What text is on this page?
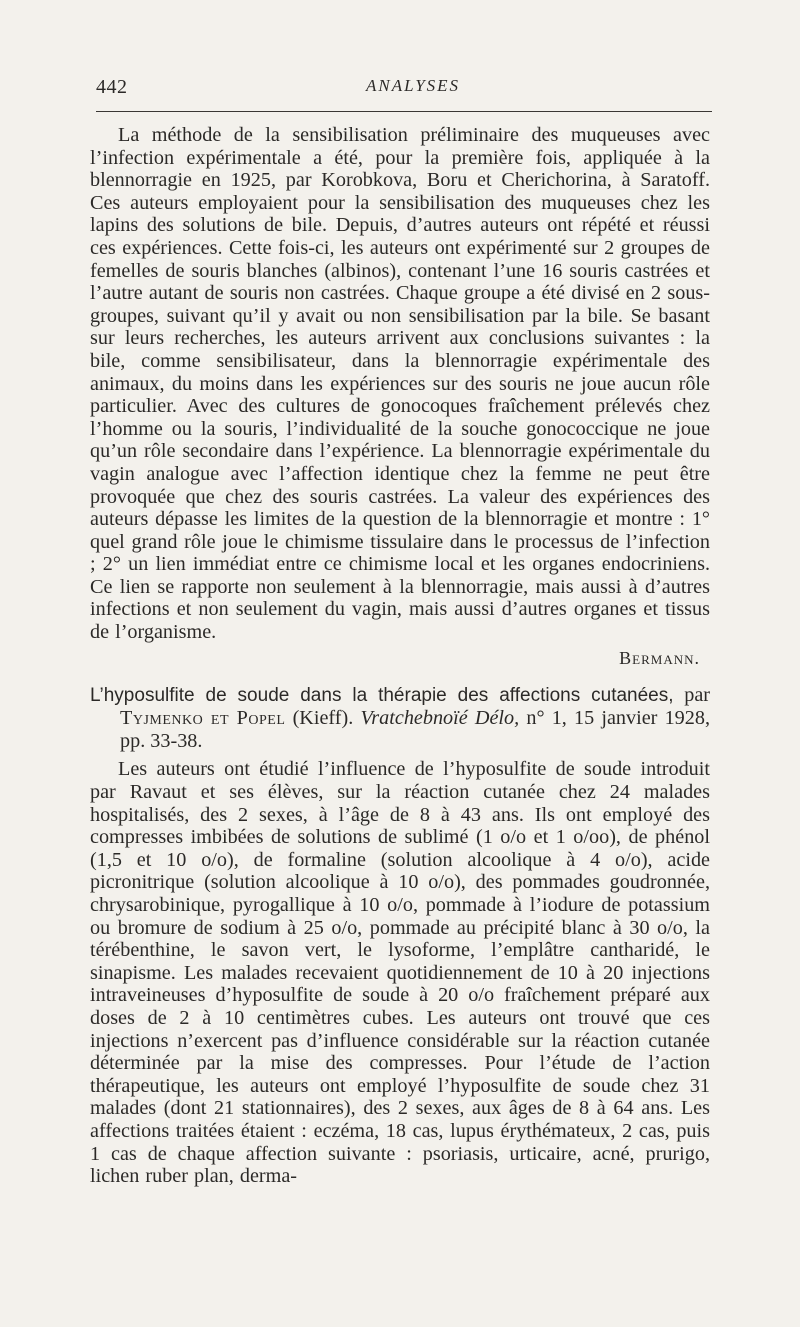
442	ANALYSES

La méthode de la sensibilisation préliminaire des muqueuses avec l’infection expérimentale a été, pour la première fois, appliquée à la blennorragie en 1925, par Korobkova, Boru et Cherichorina, à Saratoff. Ces auteurs employaient pour la sensibilisation des muqueuses chez les lapins des solutions de bile. Depuis, d’autres auteurs ont répété et réussi ces expériences. Cette fois-ci, les auteurs ont expérimenté sur 2 groupes de femelles de souris blanches (albinos), contenant l’une 16 souris castrées et l’autre autant de souris non castrées. Chaque groupe a été divisé en 2 sous-groupes, suivant qu’il y avait ou non sensibilisation par la bile. Se basant sur leurs recherches, les auteurs arrivent aux conclusions suivantes : la bile, comme sensibilisateur, dans la blennorragie expérimentale des animaux, du moins dans les expériences sur des souris ne joue aucun rôle particulier. Avec des cultures de gonocoques fraîchement prélevés chez l’homme ou la souris, l’individualité de la souche gonococcique ne joue qu’un rôle secondaire dans l’expérience. La blennorragie expérimentale du vagin analogue avec l’affection identique chez la femme ne peut être provoquée que chez des souris castrées. La valeur des expériences des auteurs dépasse les limites de la question de la blennorragie et montre : 1° quel grand rôle joue le chimisme tissulaire dans le processus de l’infection ; 2° un lien immédiat entre ce chimisme local et les organes endocriniens. Ce lien se rapporte non seulement à la blennorragie, mais aussi à d’autres infections et non seulement du vagin, mais aussi d’autres organes et tissus de l’organisme.

Bermann.
L’hyposulfite de soude dans la thérapie des affections cutanées, par Tyjmenko et Popel (Kieff). Vratchebnoïé Délo, n° 1, 15 janvier 1928, pp. 33-38.

Les auteurs ont étudié l’influence de l’hyposulfite de soude introduit par Ravaut et ses élèves, sur la réaction cutanée chez 24 malades hospitalisés, des 2 sexes, à l’âge de 8 à 43 ans. Ils ont employé des compresses imbibées de solutions de sublimé (1 o/o et 1 o/oo), de phénol (1,5 et 10 o/o), de formaline (solution alcoolique à 4 o/o), acide picronitrique (solution alcoolique à 10 o/o), des pommades goudronnée, chrysarobinique, pyrogallique à 10 o/o, pommade à l’iodure de potassium ou bromure de sodium à 25 o/o, pommade au précipité blanc à 30 o/o, la térébenthine, le savon vert, le lysoforme, l’emplâtre cantharidé, le sinapisme. Les malades recevaient quotidiennement de 10 à 20 injections intraveineuses d’hyposulfite de soude à 20 o/o fraîchement préparé aux doses de 2 à 10 centimètres cubes. Les auteurs ont trouvé que ces injections n’exercent pas d’influence considérable sur la réaction cutanée déterminée par la mise des compresses. Pour l’étude de l’action thérapeutique, les auteurs ont employé l’hyposulfite de soude chez 31 malades (dont 21 stationnaires), des 2 sexes, aux âges de 8 à 64 ans. Les affections traitées étaient : eczéma, 18 cas, lupus érythémateux, 2 cas, puis 1 cas de chaque affection suivante : psoriasis, urticaire, acné, prurigo, lichen ruber plan, derma-
